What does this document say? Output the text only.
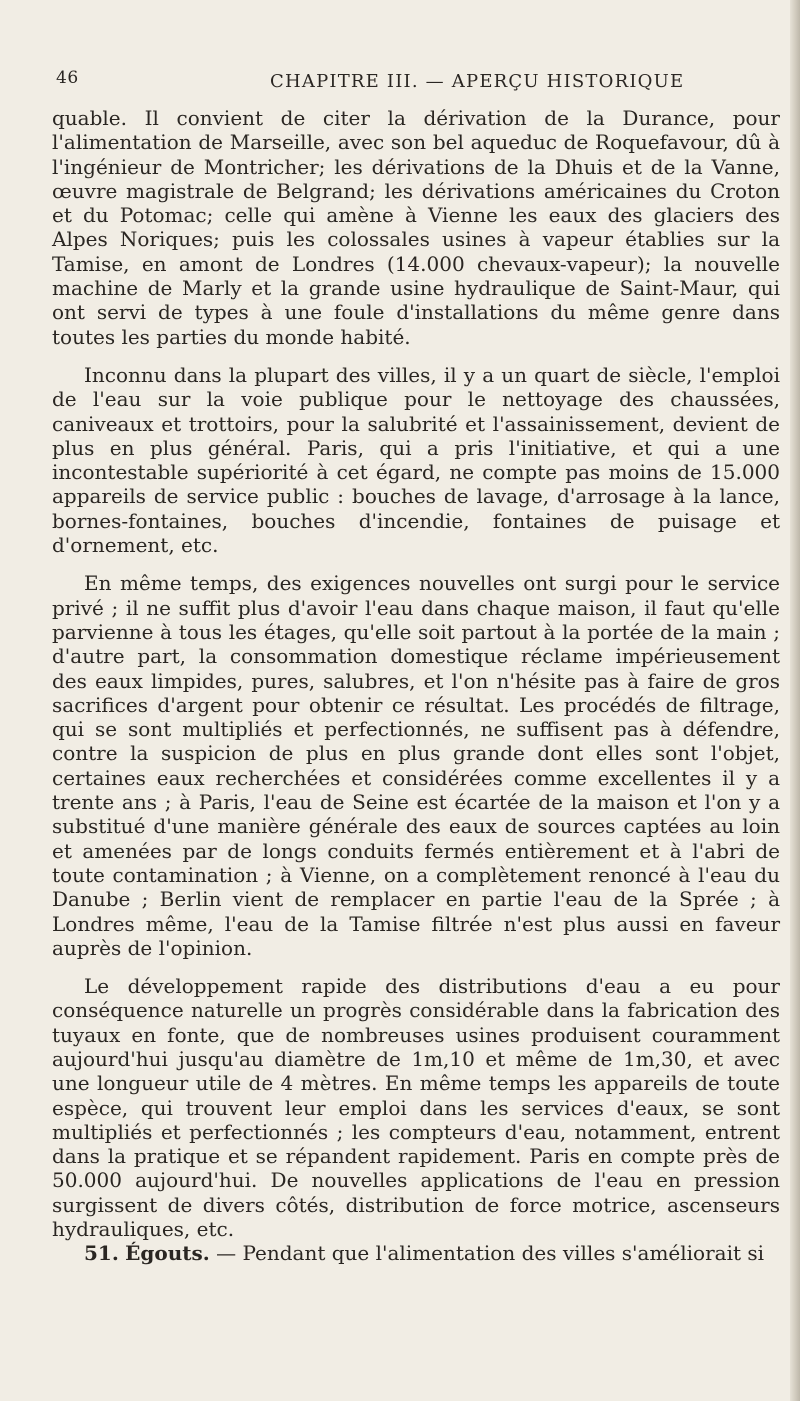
46	CHAPITRE III. — APERÇU HISTORIQUE

quable. Il convient de citer la dérivation de la Durance, pour l'alimentation de Marseille, avec son bel aqueduc de Roquefavour, dû à l'ingénieur de Montricher; les dérivations de la Dhuis et de la Vanne, œuvre magistrale de Belgrand; les dérivations américaines du Croton et du Potomac; celle qui amène à Vienne les eaux des glaciers des Alpes Noriques; puis les colossales usines à vapeur établies sur la Tamise, en amont de Londres (14.000 chevaux-vapeur); la nouvelle machine de Marly et la grande usine hydraulique de Saint-Maur, qui ont servi de types à une foule d'installations du même genre dans toutes les parties du monde habité.

Inconnu dans la plupart des villes, il y a un quart de siècle, l'emploi de l'eau sur la voie publique pour le nettoyage des chaussées, caniveaux et trottoirs, pour la salubrité et l'assainissement, devient de plus en plus général. Paris, qui a pris l'initiative, et qui a une incontestable supériorité à cet égard, ne compte pas moins de 15.000 appareils de service public : bouches de lavage, d'arrosage à la lance, bornes-fontaines, bouches d'incendie, fontaines de puisage et d'ornement, etc.

En même temps, des exigences nouvelles ont surgi pour le service privé ; il ne suffit plus d'avoir l'eau dans chaque maison, il faut qu'elle parvienne à tous les étages, qu'elle soit partout à la portée de la main ; d'autre part, la consommation domestique réclame impérieusement des eaux limpides, pures, salubres, et l'on n'hésite pas à faire de gros sacrifices d'argent pour obtenir ce résultat. Les procédés de filtrage, qui se sont multipliés et perfectionnés, ne suffisent pas à défendre, contre la suspicion de plus en plus grande dont elles sont l'objet, certaines eaux recherchées et considérées comme excellentes il y a trente ans ; à Paris, l'eau de Seine est écartée de la maison et l'on y a substitué d'une manière générale des eaux de sources captées au loin et amenées par de longs conduits fermés entièrement et à l'abri de toute contamination ; à Vienne, on a complètement renoncé à l'eau du Danube ; Berlin vient de remplacer en partie l'eau de la Sprée ; à Londres même, l'eau de la Tamise filtrée n'est plus aussi en faveur auprès de l'opinion.

Le développement rapide des distributions d'eau a eu pour conséquence naturelle un progrès considérable dans la fabrication des tuyaux en fonte, que de nombreuses usines produisent couramment aujourd'hui jusqu'au diamètre de 1m,10 et même de 1m,30, et avec une longueur utile de 4 mètres. En même temps les appareils de toute espèce, qui trouvent leur emploi dans les services d'eaux, se sont multipliés et perfectionnés ; les compteurs d'eau, notamment, entrent dans la pratique et se répandent rapidement. Paris en compte près de 50.000 aujourd'hui. De nouvelles applications de l'eau en pression surgissent de divers côtés, distribution de force motrice, ascenseurs hydrauliques, etc.

51. Égouts. — Pendant que l'alimentation des villes s'améliorait si
